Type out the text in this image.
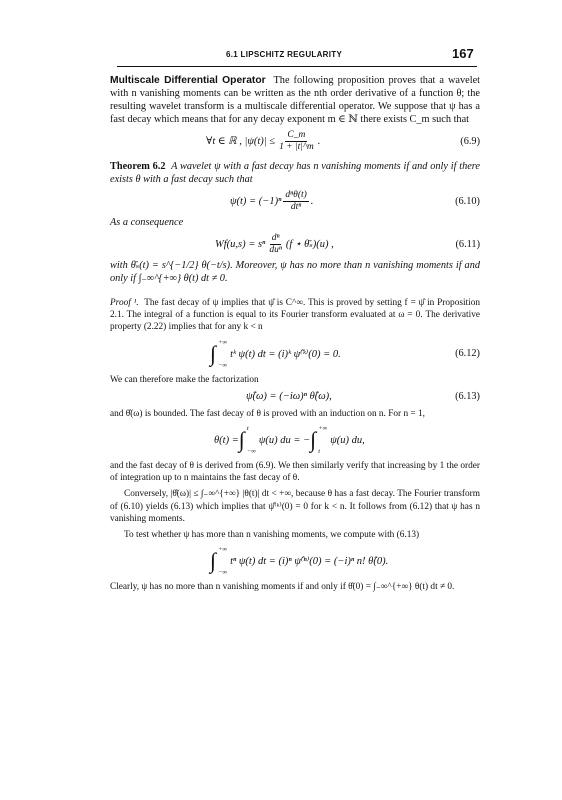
6.1 LIPSCHITZ REGULARITY	167

Multiscale Differential Operator The following proposition proves that a wavelet with n vanishing moments can be written as the nth order derivative of a function θ; the resulting wavelet transform is a multiscale differential operator. We suppose that ψ has a fast decay which means that for any decay exponent m ∈ ℕ there exists C_m such that

∀t ∈ ℝ , $|\psi(t)| \le \frac{C\_m}{1 + |t|\^{}m}$ .	(6.9)

Theorem 6.2 A wavelet ψ with a fast decay has n vanishing moments if and only if there exists θ with a fast decay such that

$\psi(t) = (-1)^n \frac{\text{dⁿθ(t)}}{\text{dtⁿ}}$ .	(6.10)

As a consequence

Wf(u,s) = sⁿ $\frac{\text{dⁿ}}{\text{duⁿ}} (f$ ⋆ θ̄ₛ)(u) ,	(6.11)

with θ̄ₛ(t) = s^{−1/2} θ(−t/s). Moreover, ψ has no more than n vanishing moments if and only if ∫₋∞^{+∞} θ(t) dt ≠ 0.

Proof ¹. The fast decay of ψ implies that ψ̂ is C^∞. This is proved by setting f = ψ̂ in Proposition 2.1. The integral of a function is equal to its Fourier transform evaluated at ω = 0. The derivative property (2.22) implies that for any k < n

∫ +∞
−∞
tᵏ ψ(t) dt = (i)ᵏ ψ̂⁽ᵏ⁾(0) = 0.	(6.12)

We can therefore make the factorization

ψ̂(ω) = (−iω)ⁿ θ̂(ω),	(6.13)

and θ̂(ω) is bounded. The fast decay of θ is proved with an induction on n. For n = 1,

θ(t) = ∫ t
−∞
ψ(u) du = − ∫ +∞
t
ψ(u) du,

and the fast decay of θ is derived from (6.9). We then similarly verify that increasing by 1 the order of integration up to n maintains the fast decay of θ.

Conversely, |θ̂(ω)| ≤ ∫₋∞^{+∞} |θ(t)| dt < +∞, because θ has a fast decay. The Fourier transform of (6.10) yields (6.13) which implies that ψ̂⁽ᵏ⁾(0) = 0 for k < n. It follows from (6.12) that ψ has n vanishing moments.

To test whether ψ has more than n vanishing moments, we compute with (6.13)

∫ +∞
−∞
tⁿ ψ(t) dt = (i)ⁿ ψ̂⁽ⁿ⁾(0) = (−i)ⁿ n! θ̂(0).

Clearly, ψ has no more than n vanishing moments if and only if θ̂(0) = ∫₋∞^{+∞} θ(t) dt ≠ 0.
